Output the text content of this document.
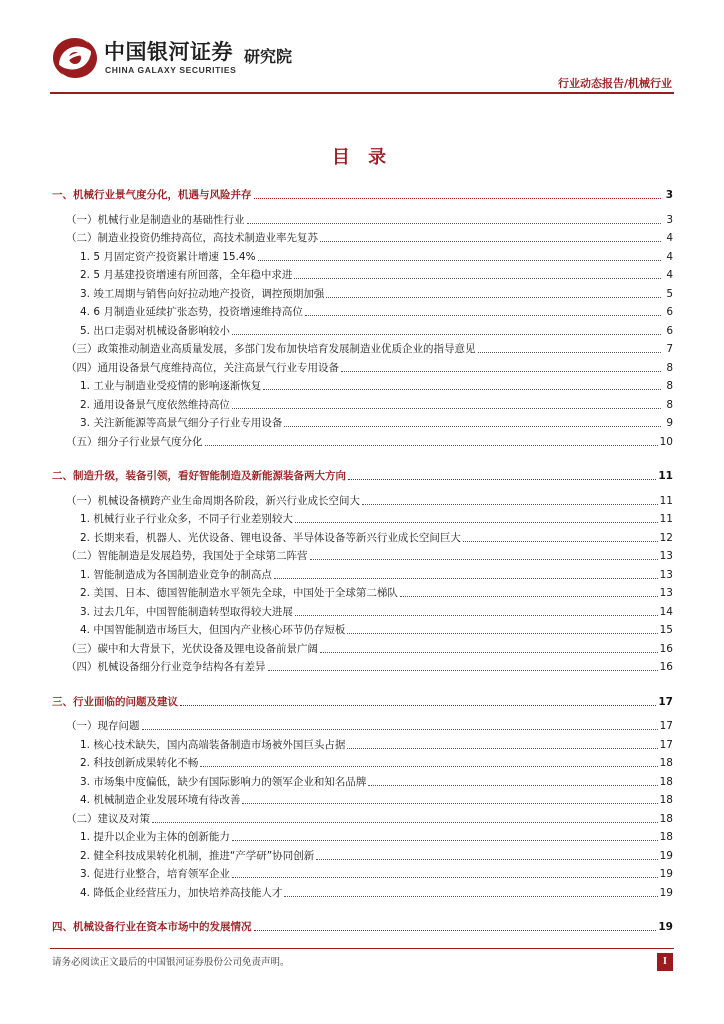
中国银河证券
CHINA GALAXY SECURITIES
研究院
行业动态报告/机械行业
目 录
一、机械行业景气度分化，机遇与风险并存	3
（一）机械行业是制造业的基础性行业	3
（二）制造业投资仍维持高位，高技术制造业率先复苏	4
1. 5 月固定资产投资累计增速 15.4%	4
2. 5 月基建投资增速有所回落，全年稳中求进	4
3. 竣工周期与销售向好拉动地产投资，调控预期加强	5
4. 6 月制造业延续扩张态势，投资增速维持高位	6
5. 出口走弱对机械设备影响较小	6
（三）政策推动制造业高质量发展，多部门发布加快培育发展制造业优质企业的指导意见	7
（四）通用设备景气度维持高位，关注高景气行业专用设备	8
1. 工业与制造业受疫情的影响逐渐恢复	8
2. 通用设备景气度依然维持高位	8
3. 关注新能源等高景气细分子行业专用设备	9
（五）细分子行业景气度分化	10
二、制造升级，装备引领，看好智能制造及新能源装备两大方向	11
（一）机械设备横跨产业生命周期各阶段，新兴行业成长空间大	11
1. 机械行业子行业众多，不同子行业差别较大	11
2. 长期来看，机器人、光伏设备、锂电设备、半导体设备等新兴行业成长空间巨大	12
（二）智能制造是发展趋势，我国处于全球第二阵营	13
1. 智能制造成为各国制造业竞争的制高点	13
2. 美国、日本、德国智能制造水平领先全球，中国处于全球第二梯队	13
3. 过去几年，中国智能制造转型取得较大进展	14
4. 中国智能制造市场巨大，但国内产业核心环节仍存短板	15
（三）碳中和大背景下，光伏设备及锂电设备前景广阔	16
（四）机械设备细分行业竞争结构各有差异	16
三、行业面临的问题及建议	17
（一）现存问题	17
1. 核心技术缺失，国内高端装备制造市场被外国巨头占据	17
2. 科技创新成果转化不畅	18
3. 市场集中度偏低，缺少有国际影响力的领军企业和知名品牌	18
4. 机械制造企业发展环境有待改善	18
（二）建议及对策	18
1. 提升以企业为主体的创新能力	18
2. 健全科技成果转化机制，推进“产学研”协同创新	19
3. 促进行业整合，培育领军企业	19
4. 降低企业经营压力，加快培养高技能人才	19
四、机械设备行业在资本市场中的发展情况	19
请务必阅读正文最后的中国银河证券股份公司免责声明。	I
